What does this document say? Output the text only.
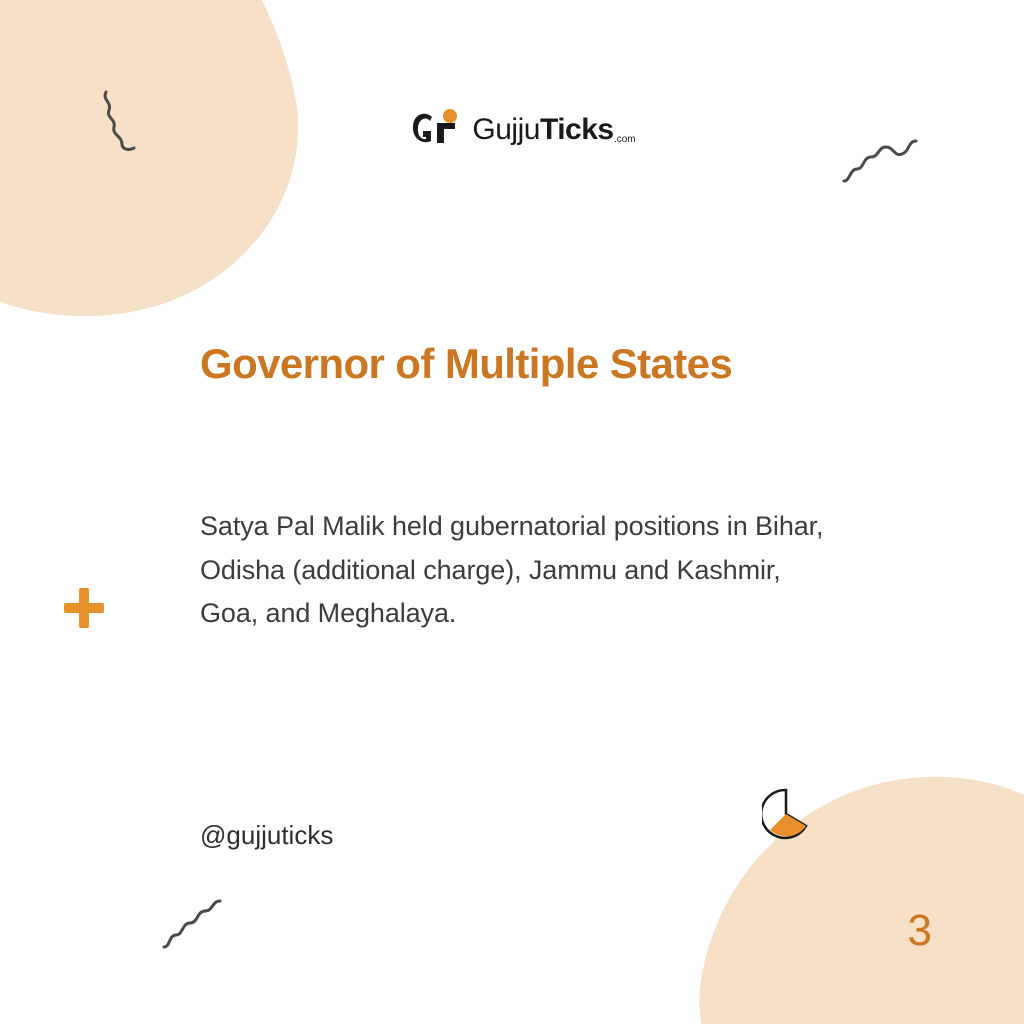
GujjuTicks .com
Governor of Multiple States

Satya Pal Malik held gubernatorial positions in Bihar, Odisha (additional charge), Jammu and Kashmir, Goa, and Meghalaya.

@gujjuticks
3
